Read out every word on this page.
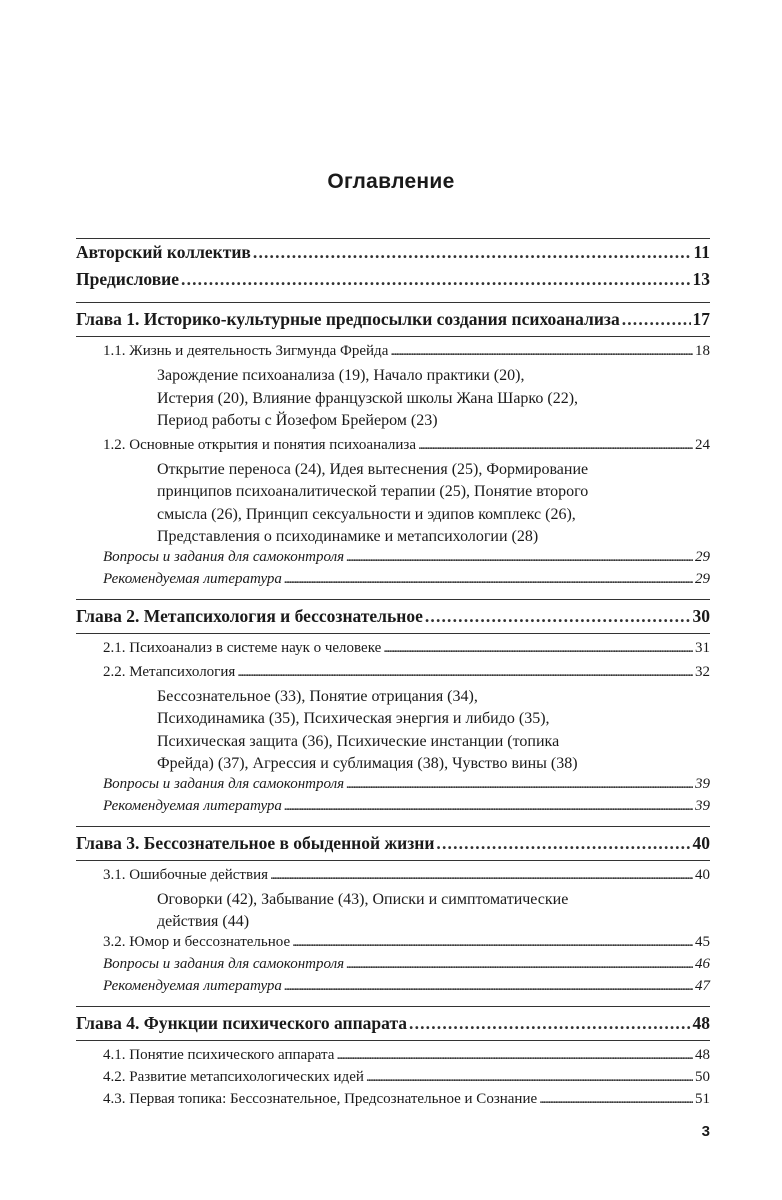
Оглавление
Авторский коллектив . . .	11
Предисловие . . .	13
Глава 1. Историко-культурные предпосылки создания психоанализа . . .	17
1.1. Жизнь и деятельность Зигмунда Фрейда . . .	18
Зарождение психоанализа (19), Начало практики (20),
Истерия (20), Влияние французской школы Жана Шарко (22),
Период работы с Йозефом Брейером (23)
1.2. Основные открытия и понятия психоанализа . . .	24
Открытие переноса (24), Идея вытеснения (25), Формирование
принципов психоаналитической терапии (25), Понятие второго
смысла (26), Принцип сексуальности и эдипов комплекс (26),
Представления о психодинамике и метапсихологии (28)
Вопросы и задания для самоконтроля . . .	29
Рекомендуемая литература . . .	29
Глава 2. Метапсихология и бессознательное . . .	30
2.1. Психоанализ в системе наук о человеке . . .	31
2.2. Метапсихология . . .	32
Бессознательное (33), Понятие отрицания (34),
Психодинамика (35), Психическая энергия и либидо (35),
Психическая защита (36), Психические инстанции (топика
Фрейда) (37), Агрессия и сублимация (38), Чувство вины (38)
Вопросы и задания для самоконтроля . . .	39
Рекомендуемая литература . . .	39
Глава 3. Бессознательное в обыденной жизни . . .	40
3.1. Ошибочные действия . . .	40
Оговорки (42), Забывание (43), Описки и симптоматические
действия (44)
3.2. Юмор и бессознательное . . .	45
Вопросы и задания для самоконтроля . . .	46
Рекомендуемая литература . . .	47
Глава 4. Функции психического аппарата . . .	48
4.1. Понятие психического аппарата . . .	48
4.2. Развитие метапсихологических идей . . .	50
4.3. Первая топика: Бессознательное, Предсознательное и Сознание . . .	51
3
